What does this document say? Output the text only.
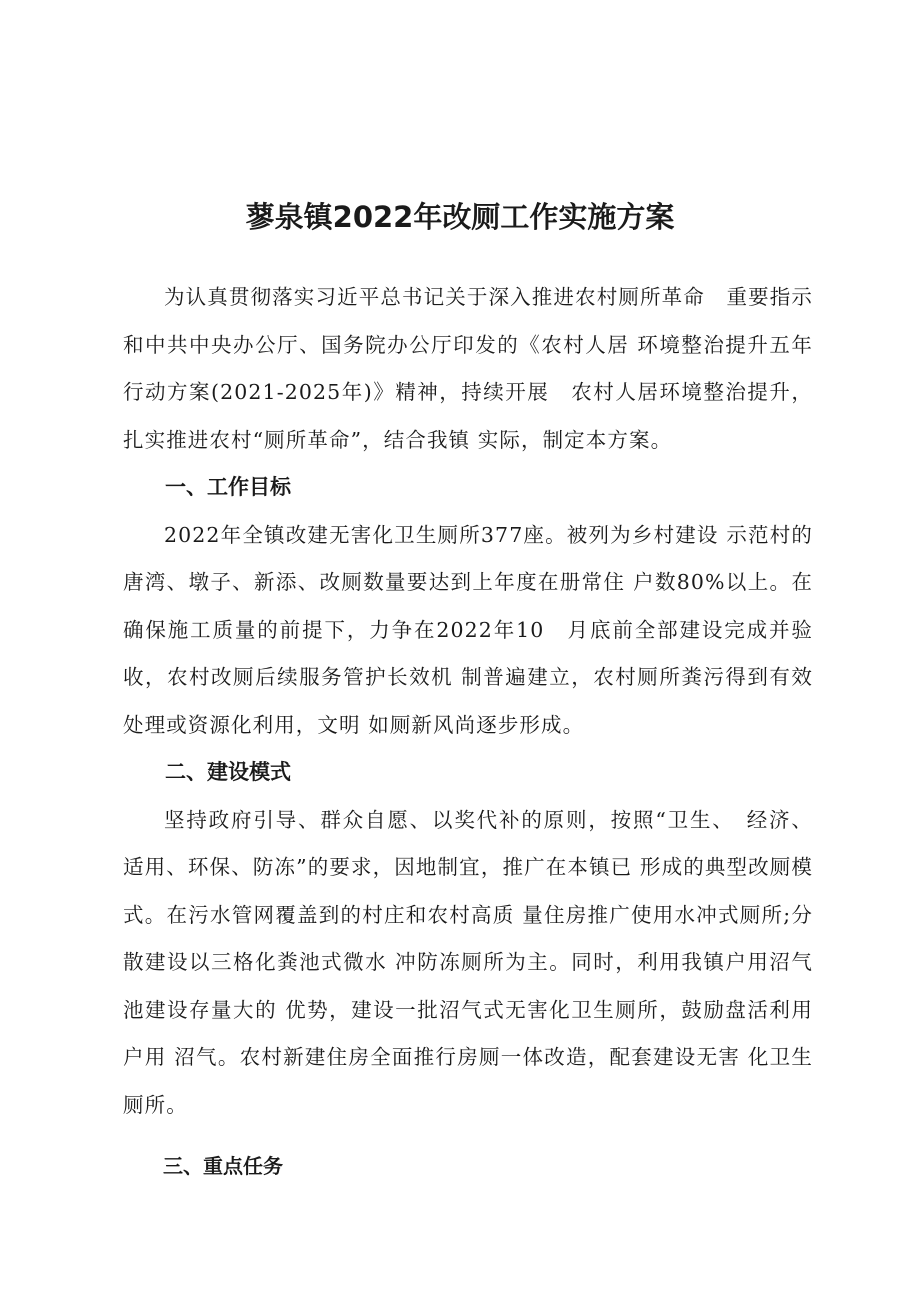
蓼泉镇2022年改厕工作实施方案

为认真贯彻落实习近平总书记关于深入推进农村厕所革命　重要指示和中共中央办公厅、国务院办公厅印发的《农村人居 环境整治提升五年行动方案(2021-2025年)》精神，持续开展　农村人居环境整治提升，扎实推进农村“厕所革命”，结合我镇 实际，制定本方案。

一、工作目标

2022年全镇改建无害化卫生厕所377座。被列为乡村建设 示范村的唐湾、墩子、新添、改厕数量要达到上年度在册常住 户数80%以上。在确保施工质量的前提下，力争在2022年10　月底前全部建设完成并验收，农村改厕后续服务管护长效机 制普遍建立，农村厕所粪污得到有效处理或资源化利用，文明 如厕新风尚逐步形成。

二、建设模式

坚持政府引导、群众自愿、以奖代补的原则，按照“卫生、　经济、适用、环保、防冻”的要求，因地制宜，推广在本镇已 形成的典型改厕模式。在污水管网覆盖到的村庄和农村高质 量住房推广使用水冲式厕所;分散建设以三格化粪池式微水 冲防冻厕所为主。同时，利用我镇户用沼气池建设存量大的 优势，建设一批沼气式无害化卫生厕所，鼓励盘活利用户用 沼气。农村新建住房全面推行房厕一体改造，配套建设无害 化卫生厕所。

三、重点任务
